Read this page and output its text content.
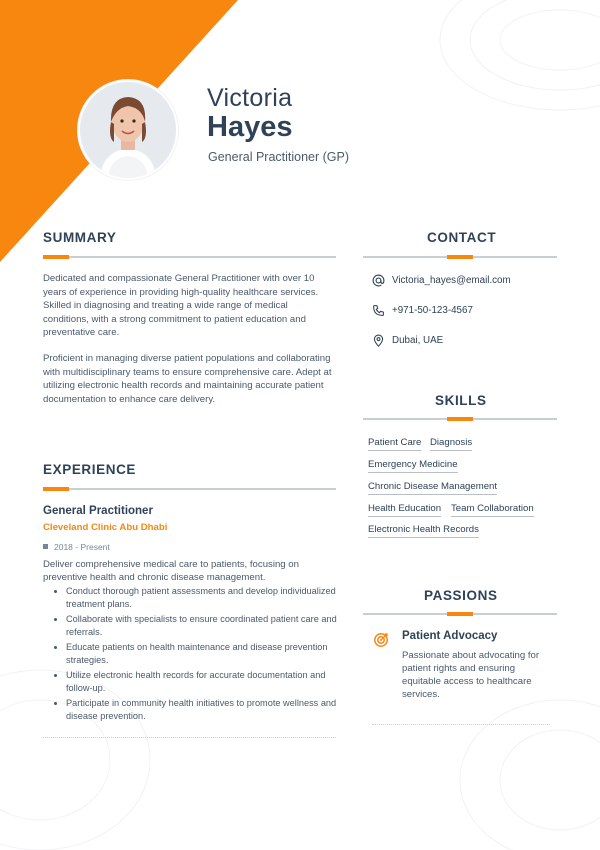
Victoria
Hayes
General Practitioner (GP)
SUMMARY
Dedicated and compassionate General Practitioner with over 10 years of experience in providing high-quality healthcare services. Skilled in diagnosing and treating a wide range of medical conditions, with a strong commitment to patient education and preventative care.
Proficient in managing diverse patient populations and collaborating with multidisciplinary teams to ensure comprehensive care. Adept at utilizing electronic health records and maintaining accurate patient documentation to enhance care delivery.
EXPERIENCE
General Practitioner
Cleveland Clinic Abu Dhabi
2018 - Present
Deliver comprehensive medical care to patients, focusing on preventive health and chronic disease management.
• Conduct thorough patient assessments and develop individualized treatment plans.
• Collaborate with specialists to ensure coordinated patient care and referrals.
• Educate patients on health maintenance and disease prevention strategies.
• Utilize electronic health records for accurate documentation and follow-up.
• Participate in community health initiatives to promote wellness and disease prevention.
CONTACT
Victoria_hayes@email.com
+971-50-123-4567
Dubai, UAE
SKILLS
Patient Care Diagnosis
Emergency Medicine
Chronic Disease Management
Health Education Team Collaboration
Electronic Health Records
PASSIONS
Patient Advocacy
Passionate about advocating for patient rights and ensuring equitable access to healthcare services.
